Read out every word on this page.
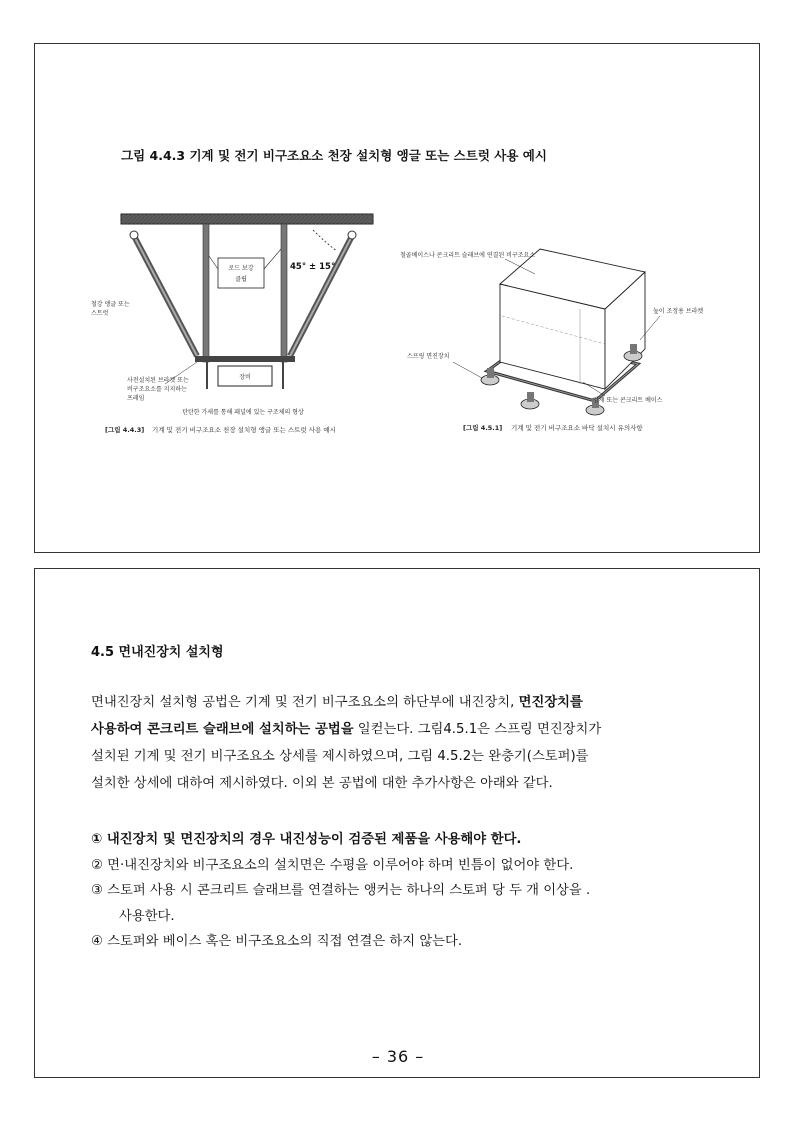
그림 4.4.3 기계 및 전기 비구조요소 천장 설치형 앵글 또는 스트럿 사용 예시
로드 보강
클립
45° ± 15°
장비
철강 앵글 또는
스트럿
사전설치된 브라켓 또는
비구조요소를 지지하는
프레임
탄탄한 가새를 통해 패널에 있는 구조체의 형상
[그림 4.4.3] 기계 및 전기 비구조요소 천장 설치형 앵글 또는 스트럿 사용 예시
철골베이스나 콘크리트 슬래브에 연결된 비구조요소
높이 조정용 브라켓
스프링 면진장치
강재 또는 콘크리트 베이스
[그림 4.5.1] 기계 및 전기 비구조요소 바닥 설치시 유의사항
4.5 면내진장치 설치형

면내진장치 설치형 공법은 기계 및 전기 비구조요소의 하단부에 내진장치, 면진장치를

사용하여 콘크리트 슬래브에 설치하는 공법을 일컫는다. 그림4.5.1은 스프링 면진장치가

설치된 기계 및 전기 비구조요소 상세를 제시하였으며, 그림 4.5.2는 완충기(스토퍼)를

설치한 상세에 대하여 제시하였다. 이외 본 공법에 대한 추가사항은 아래와 같다.

① 내진장치 및 면진장치의 경우 내진성능이 검증된 제품을 사용해야 한다.
② 면·내진장치와 비구조요소의 설치면은 수평을 이루어야 하며 빈틈이 없어야 한다.
③ 스토퍼 사용 시 콘크리트 슬래브를 연결하는 앵커는 하나의 스토퍼 당 두 개 이상을 .
사용한다.
④ 스토퍼와 베이스 혹은 비구조요소의 직접 연결은 하지 않는다.
– 36 –
